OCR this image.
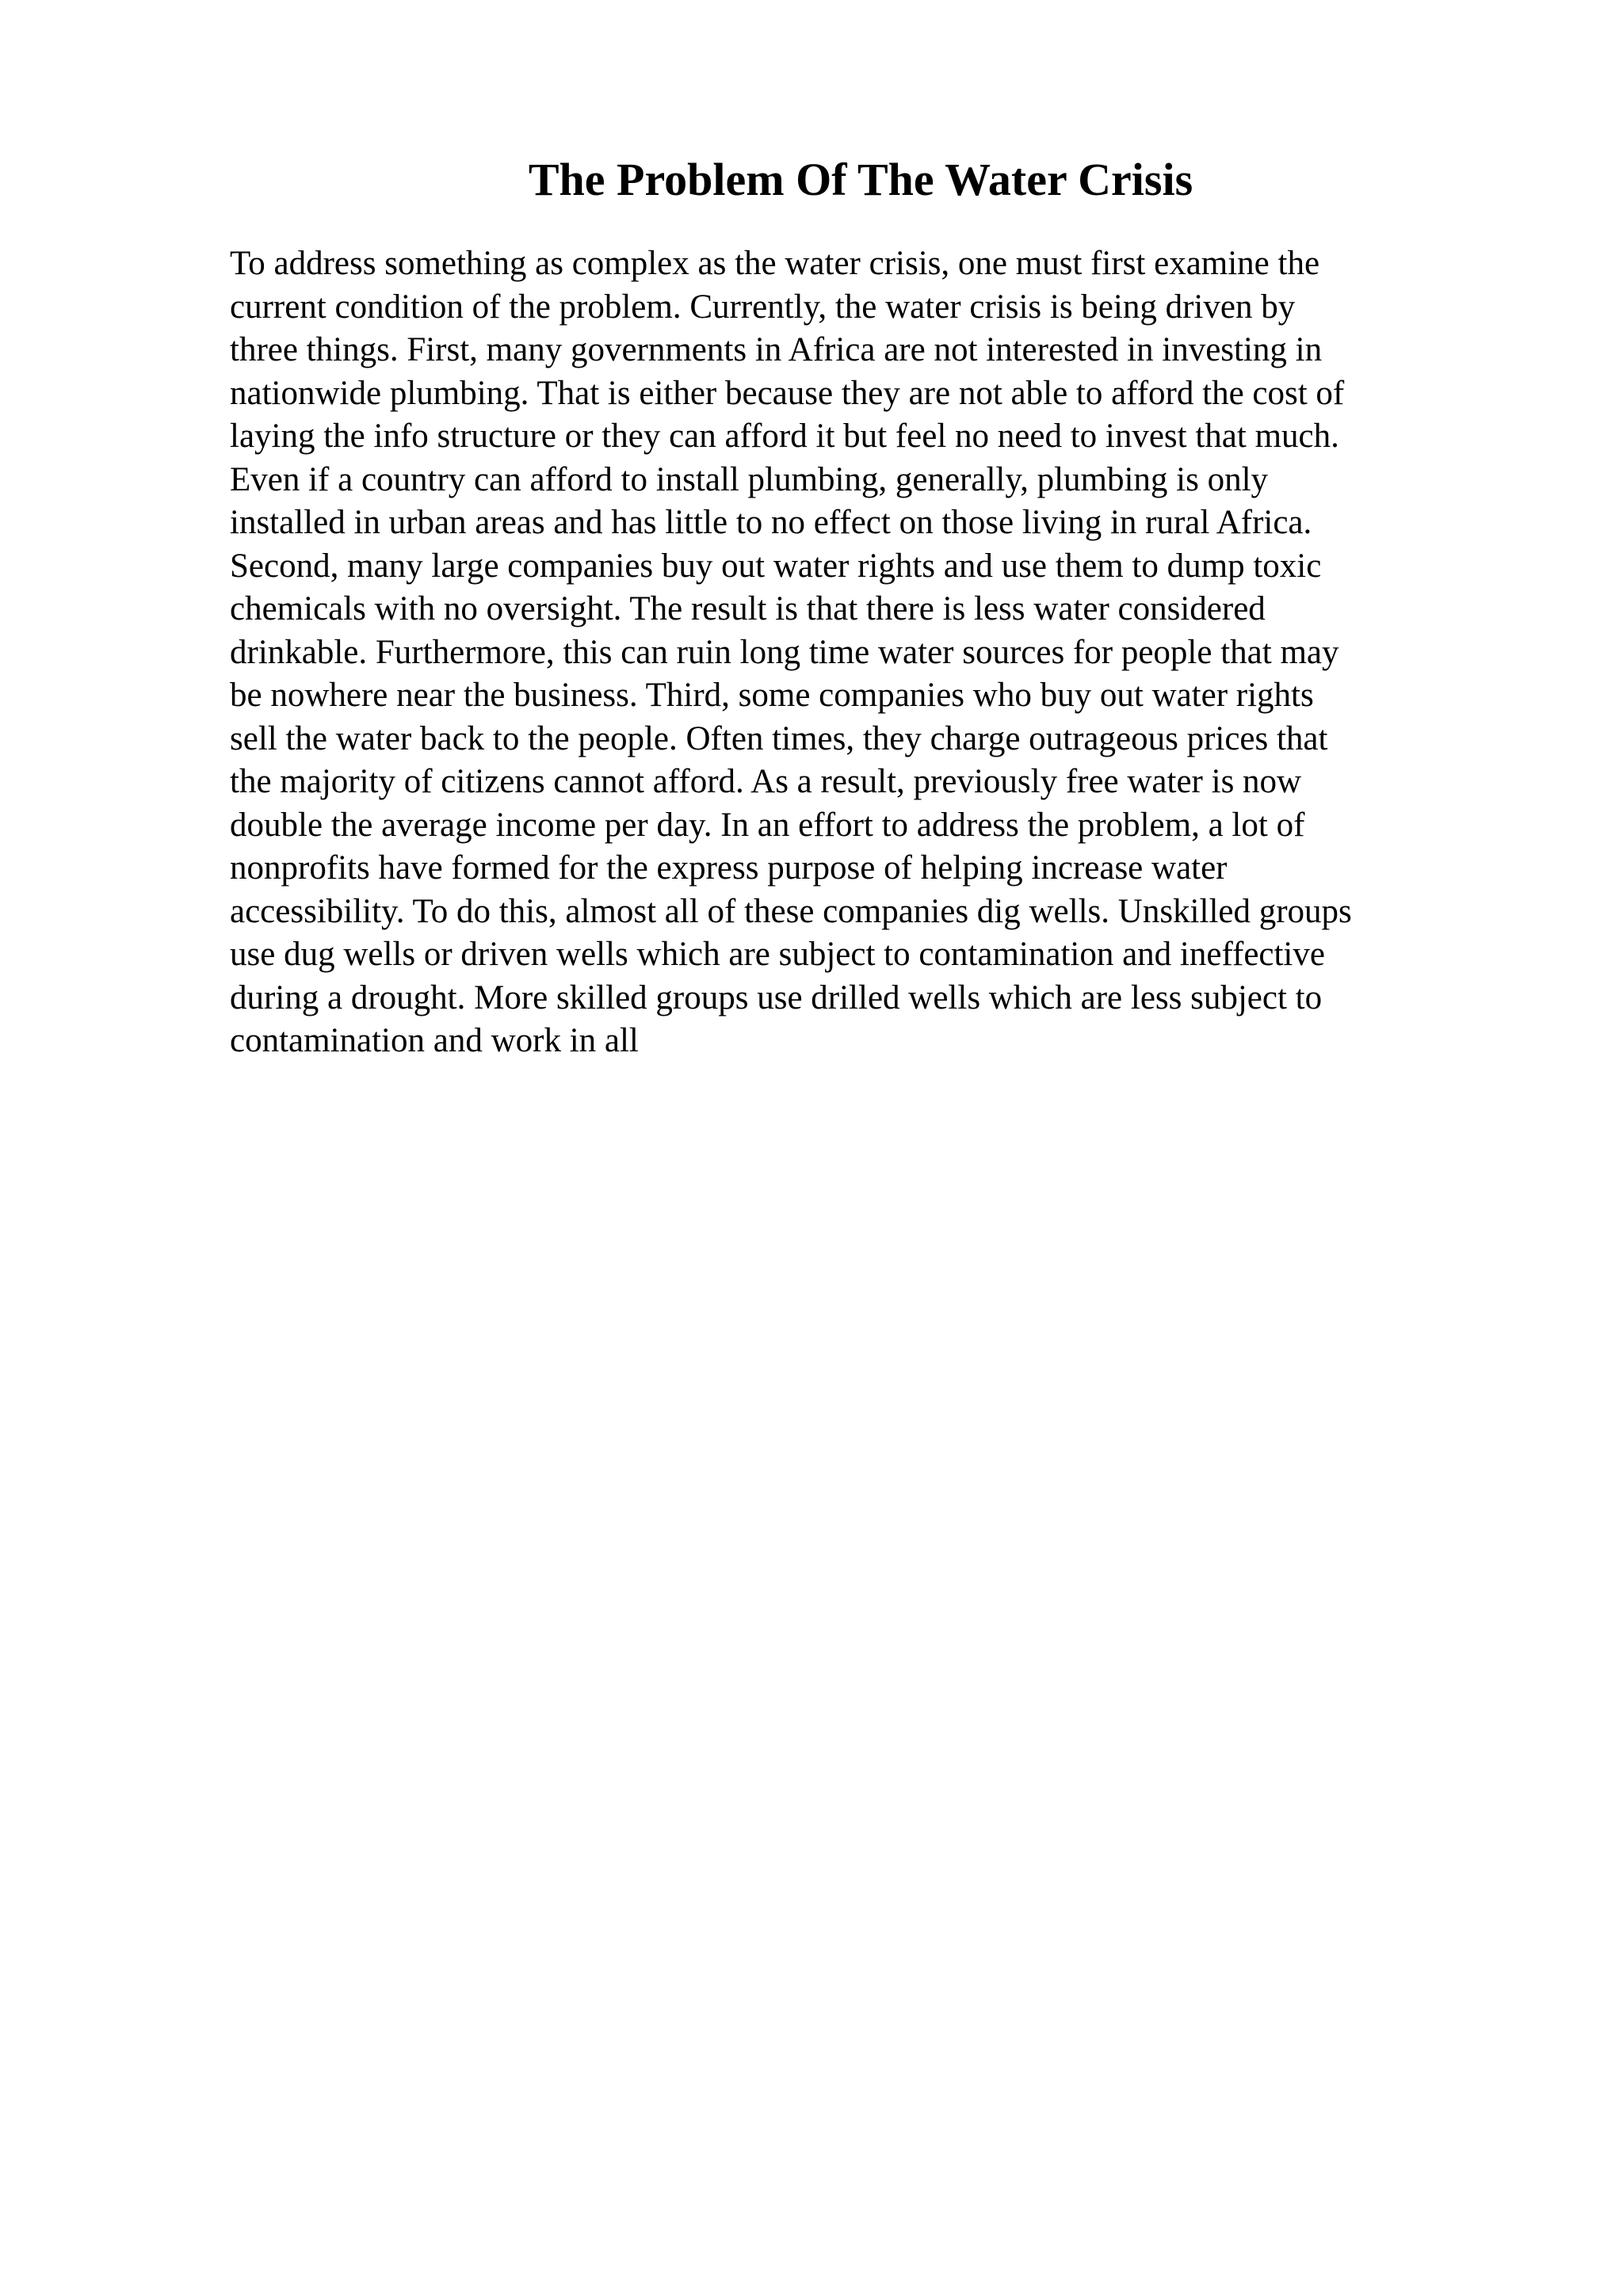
The Problem Of The Water Crisis
To address something as complex as the water crisis, one must first examine the
current condition of the problem. Currently, the water crisis is being driven by
three things. First, many governments in Africa are not interested in investing in
nationwide plumbing. That is either because they are not able to afford the cost of
laying the info structure or they can afford it but feel no need to invest that much.
Even if a country can afford to install plumbing, generally, plumbing is only
installed in urban areas and has little to no effect on those living in rural Africa.
Second, many large companies buy out water rights and use them to dump toxic
chemicals with no oversight. The result is that there is less water considered
drinkable. Furthermore, this can ruin long time water sources for people that may
be nowhere near the business. Third, some companies who buy out water rights
sell the water back to the people. Often times, they charge outrageous prices that
the majority of citizens cannot afford. As a result, previously free water is now
double the average income per day. In an effort to address the problem, a lot of
nonprofits have formed for the express purpose of helping increase water
accessibility. To do this, almost all of these companies dig wells. Unskilled groups
use dug wells or driven wells which are subject to contamination and ineffective
during a drought. More skilled groups use drilled wells which are less subject to
contamination and work in all
